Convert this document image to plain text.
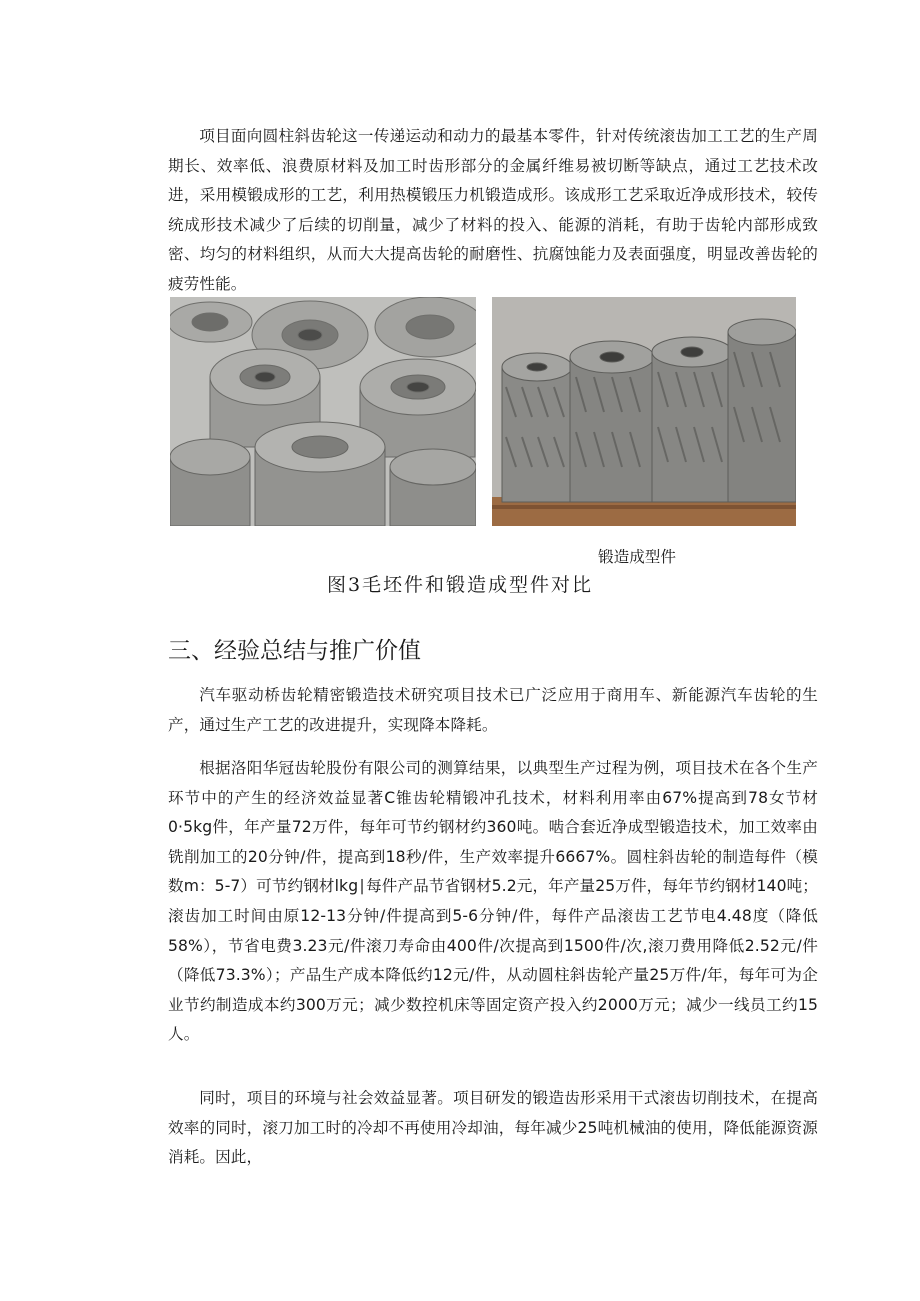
项目面向圆柱斜齿轮这一传递运动和动力的最基本零件，针对传统滚齿加工工艺的生产周期长、效率低、浪费原材料及加工时齿形部分的金属纤维易被切断等缺点，通过工艺技术改进，采用模锻成形的工艺，利用热模锻压力机锻造成形。该成形工艺采取近净成形技术，较传统成形技术减少了后续的切削量，减少了材料的投入、能源的消耗，有助于齿轮内部形成致密、均匀的材料组织，从而大大提高齿轮的耐磨性、抗腐蚀能力及表面强度，明显改善齿轮的疲劳性能。

锻造成型件

图3毛坯件和锻造成型件对比

三、经验总结与推广价值

汽车驱动桥齿轮精密锻造技术研究项目技术已广泛应用于商用车、新能源汽车齿轮的生产，通过生产工艺的改进提升，实现降本降耗。

根据洛阳华冠齿轮股份有限公司的测算结果，以典型生产过程为例，项目技术在各个生产环节中的产生的经济效益显著C锥齿轮精锻冲孔技术，材料利用率由67%提高到78女节材0·5kg件，年产量72万件，每年可节约钢材约360吨。啮合套近净成型锻造技术，加工效率由铣削加工的20分钟/件，提高到18秒/件，生产效率提升6667%。圆柱斜齿轮的制造每件（模数m：5-7）可节约钢材lkg∣每件产品节省钢材5.2元，年产量25万件，每年节约钢材140吨；滚齿加工时间由原12-13分钟/件提高到5-6分钟/件，每件产品滚齿工艺节电4.48度（降低58%），节省电费3.23元/件滚刀寿命由400件/次提高到1500件/次,滚刀费用降低2.52元/件（降低73.3%）；产品生产成本降低约12元/件，从动圆柱斜齿轮产量25万件/年，每年可为企业节约制造成本约300万元；减少数控机床等固定资产投入约2000万元；减少一线员工约15人。

同时，项目的环境与社会效益显著。项目研发的锻造齿形采用干式滚齿切削技术，在提高效率的同时，滚刀加工时的冷却不再使用冷却油，每年减少25吨机械油的使用，降低能源资源消耗。因此，
